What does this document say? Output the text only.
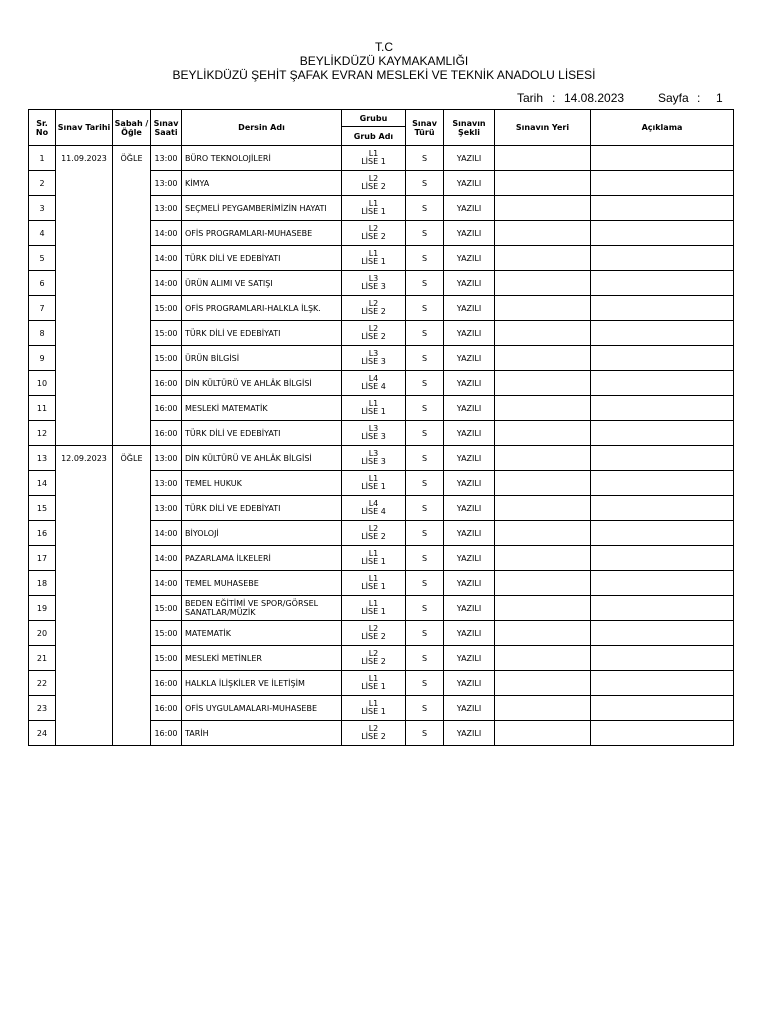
T.C
BEYLİKDÜZÜ KAYMAKAMLIĞI
BEYLİKDÜZÜ ŞEHİT ŞAFAK EVRAN MESLEKİ VE TEKNİK ANADOLU LİSESİ
Tarih : 14.08.2023	Sayfa : 1
Sr. No	Sınav Tarihi	Sabah / Öğle	Sınav Saati	Dersin Adı	Grubu	Sınav Türü	Sınavın Şekli	Sınavın Yeri	Açıklama
					Grub Adı				
1	11.09.2023	ÖĞLE	13:00	BÜRO TEKNOLOJİLERİ	L1
LİSE 1	S	YAZILI		
2			13:00	KİMYA	L2
LİSE 2	S	YAZILI		
3			13:00	SEÇMELİ PEYGAMBERİMİZİN HAYATI	L1
LİSE 1	S	YAZILI		
4			14:00	OFİS PROGRAMLARI-MUHASEBE	L2
LİSE 2	S	YAZILI		
5			14:00	TÜRK DİLİ VE EDEBİYATI	L1
LİSE 1	S	YAZILI		
6			14:00	ÜRÜN ALIMI VE SATIŞI	L3
LİSE 3	S	YAZILI		
7			15:00	OFİS PROGRAMLARI-HALKLA İLŞK.	L2
LİSE 2	S	YAZILI		
8			15:00	TÜRK DİLİ VE EDEBİYATI	L2
LİSE 2	S	YAZILI		
9			15:00	ÜRÜN BİLGİSİ	L3
LİSE 3	S	YAZILI		
10			16:00	DİN KÜLTÜRÜ VE AHLÂK BİLGİSİ	L4
LİSE 4	S	YAZILI		
11			16:00	MESLEKİ MATEMATİK	L1
LİSE 1	S	YAZILI		
12			16:00	TÜRK DİLİ VE EDEBİYATI	L3
LİSE 3	S	YAZILI		
13	12.09.2023	ÖĞLE	13:00	DİN KÜLTÜRÜ VE AHLÂK BİLGİSİ	L3
LİSE 3	S	YAZILI		
14			13:00	TEMEL HUKUK	L1
LİSE 1	S	YAZILI		
15			13:00	TÜRK DİLİ VE EDEBİYATI	L4
LİSE 4	S	YAZILI		
16			14:00	BİYOLOJİ	L2
LİSE 2	S	YAZILI		
17			14:00	PAZARLAMA İLKELERİ	L1
LİSE 1	S	YAZILI		
18			14:00	TEMEL MUHASEBE	L1
LİSE 1	S	YAZILI		
19			15:00	BEDEN EĞİTİMİ VE SPOR/GÖRSEL SANATLAR/MÜZİK	L1
LİSE 1	S	YAZILI		
20			15:00	MATEMATİK	L2
LİSE 2	S	YAZILI		
21			15:00	MESLEKİ METİNLER	L2
LİSE 2	S	YAZILI		
22			16:00	HALKLA İLİŞKİLER VE İLETİŞİM	L1
LİSE 1	S	YAZILI		
23			16:00	OFİS UYGULAMALARI-MUHASEBE	L1
LİSE 1	S	YAZILI		
24			16:00	TARİH	L2
LİSE 2	S	YAZILI		
